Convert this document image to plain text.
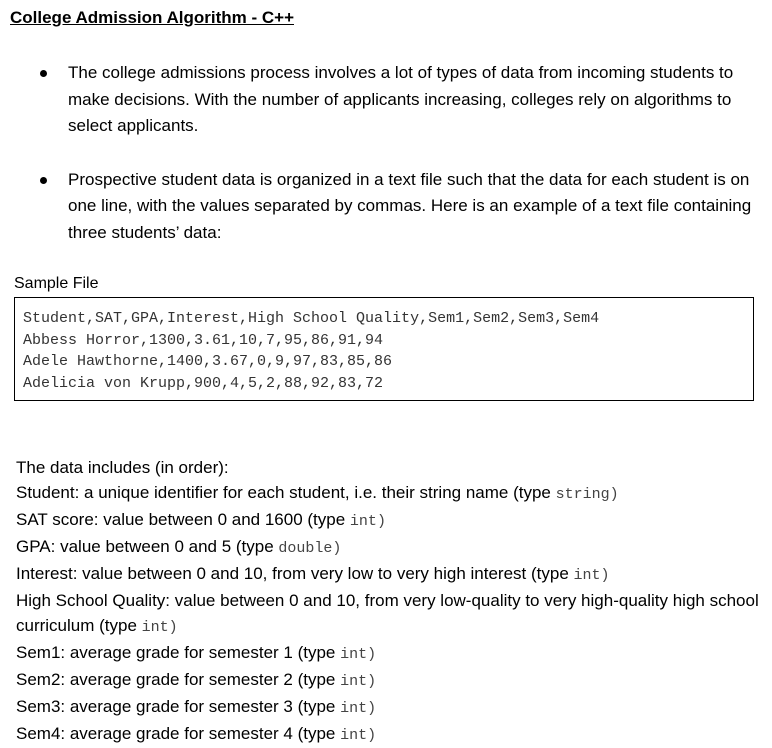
College Admission Algorithm - C++
The college admissions process involves a lot of types of data from incoming students to make decisions. With the number of applicants increasing, colleges rely on algorithms to select applicants.
Prospective student data is organized in a text file such that the data for each student is on one line, with the values separated by commas. Here is an example of a text file containing three students’ data:
Sample File
Student,SAT,GPA,Interest,High School Quality,Sem1,Sem2,Sem3,Sem4
Abbess Horror,1300,3.61,10,7,95,86,91,94
Adele Hawthorne,1400,3.67,0,9,97,83,85,86
Adelicia von Krupp,900,4,5,2,88,92,83,72

The data includes (in order):

Student: a unique identifier for each student, i.e. their string name (type string)

SAT score: value between 0 and 1600 (type int)

GPA: value between 0 and 5 (type double)

Interest: value between 0 and 10, from very low to very high interest (type int)

High School Quality: value between 0 and 10, from very low-quality to very high-quality high school curriculum (type int)

Sem1: average grade for semester 1 (type int)

Sem2: average grade for semester 2 (type int)

Sem3: average grade for semester 3 (type int)

Sem4: average grade for semester 4 (type int)
